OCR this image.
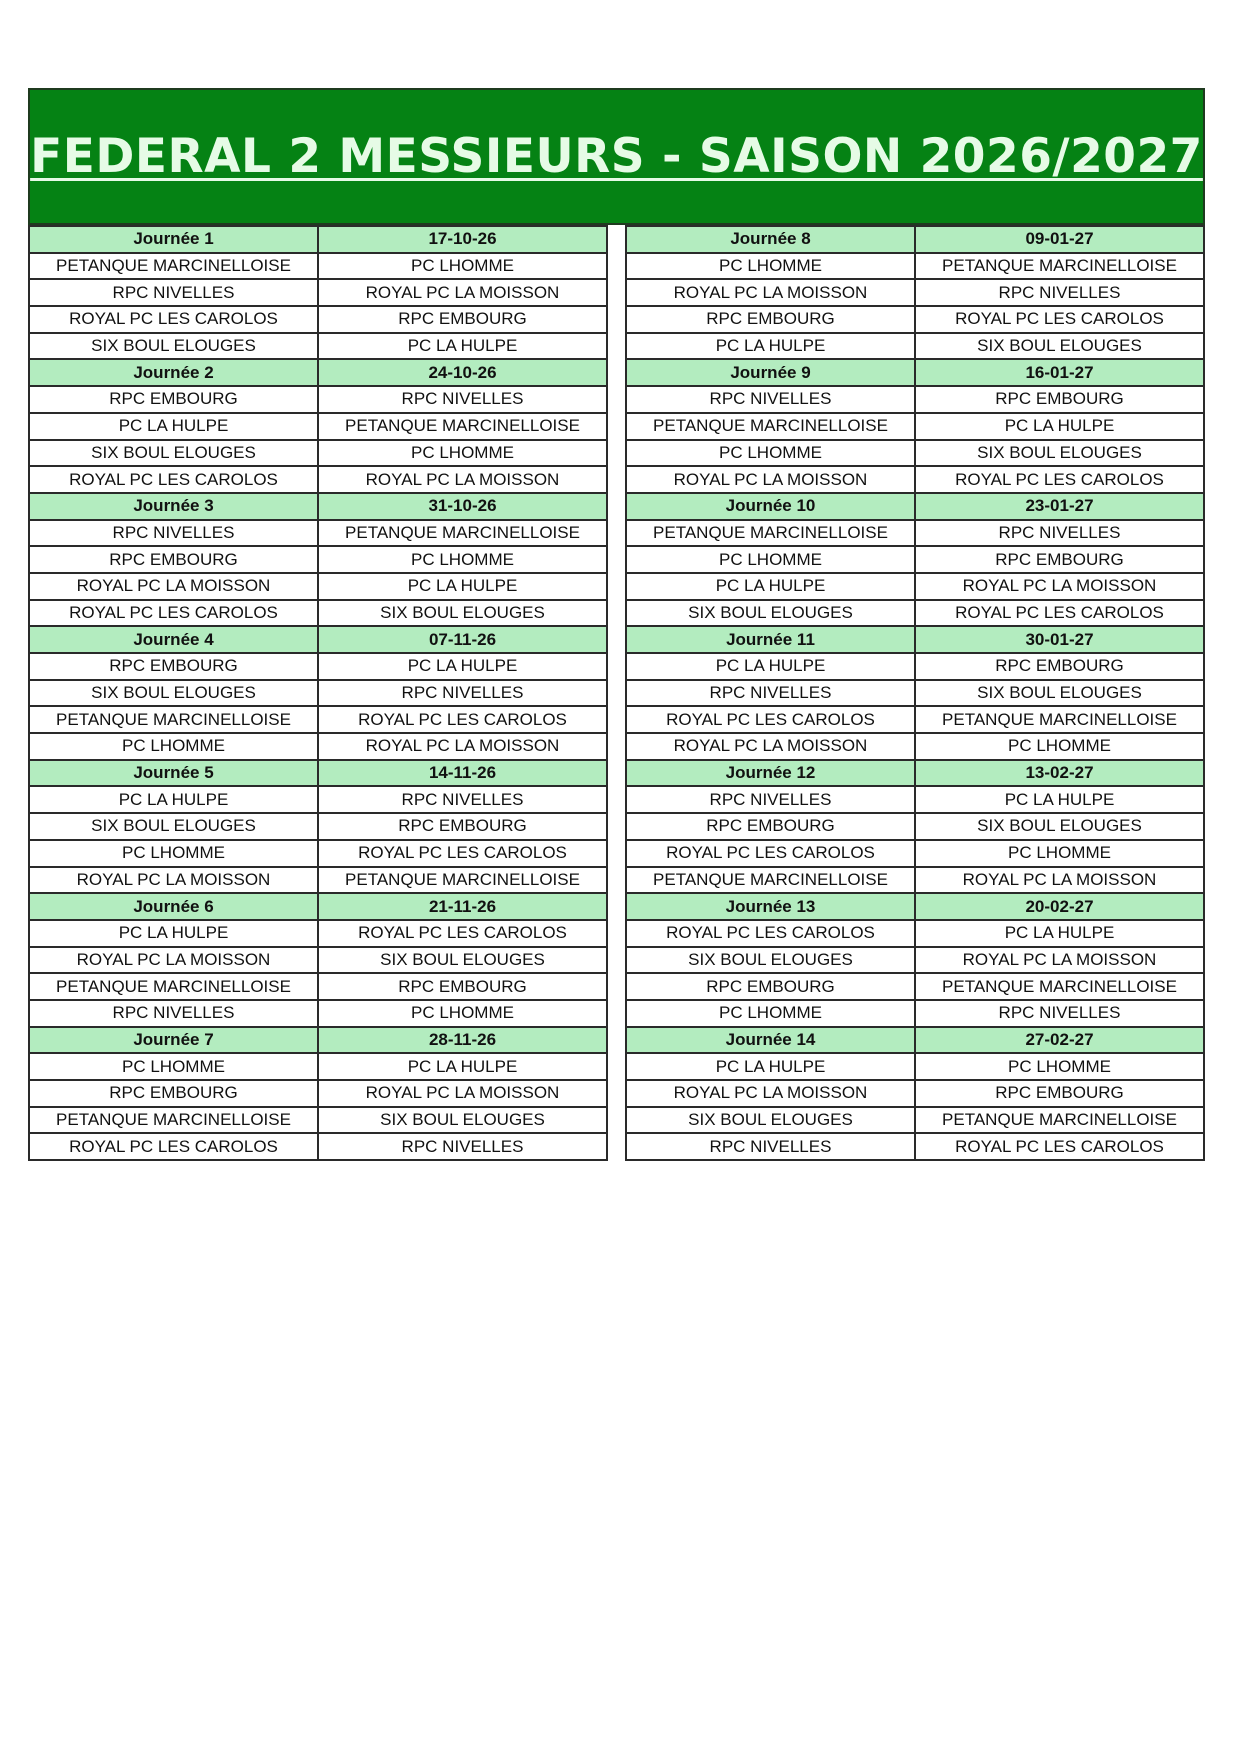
FEDERAL 2 MESSIEURS - SAISON 2026/2027
Journée 1	17-10-26
PETANQUE MARCINELLOISE	PC LHOMME
RPC NIVELLES	ROYAL PC LA MOISSON
ROYAL PC LES CAROLOS	RPC EMBOURG
SIX BOUL ELOUGES	PC LA HULPE
Journée 2	24-10-26
RPC EMBOURG	RPC NIVELLES
PC LA HULPE	PETANQUE MARCINELLOISE
SIX BOUL ELOUGES	PC LHOMME
ROYAL PC LES CAROLOS	ROYAL PC LA MOISSON
Journée 3	31-10-26
RPC NIVELLES	PETANQUE MARCINELLOISE
RPC EMBOURG	PC LHOMME
ROYAL PC LA MOISSON	PC LA HULPE
ROYAL PC LES CAROLOS	SIX BOUL ELOUGES
Journée 4	07-11-26
RPC EMBOURG	PC LA HULPE
SIX BOUL ELOUGES	RPC NIVELLES
PETANQUE MARCINELLOISE	ROYAL PC LES CAROLOS
PC LHOMME	ROYAL PC LA MOISSON
Journée 5	14-11-26
PC LA HULPE	RPC NIVELLES
SIX BOUL ELOUGES	RPC EMBOURG
PC LHOMME	ROYAL PC LES CAROLOS
ROYAL PC LA MOISSON	PETANQUE MARCINELLOISE
Journée 6	21-11-26
PC LA HULPE	ROYAL PC LES CAROLOS
ROYAL PC LA MOISSON	SIX BOUL ELOUGES
PETANQUE MARCINELLOISE	RPC EMBOURG
RPC NIVELLES	PC LHOMME
Journée 7	28-11-26
PC LHOMME	PC LA HULPE
RPC EMBOURG	ROYAL PC LA MOISSON
PETANQUE MARCINELLOISE	SIX BOUL ELOUGES
ROYAL PC LES CAROLOS	RPC NIVELLES
Journée 8	09-01-27
PC LHOMME	PETANQUE MARCINELLOISE
ROYAL PC LA MOISSON	RPC NIVELLES
RPC EMBOURG	ROYAL PC LES CAROLOS
PC LA HULPE	SIX BOUL ELOUGES
Journée 9	16-01-27
RPC NIVELLES	RPC EMBOURG
PETANQUE MARCINELLOISE	PC LA HULPE
PC LHOMME	SIX BOUL ELOUGES
ROYAL PC LA MOISSON	ROYAL PC LES CAROLOS
Journée 10	23-01-27
PETANQUE MARCINELLOISE	RPC NIVELLES
PC LHOMME	RPC EMBOURG
PC LA HULPE	ROYAL PC LA MOISSON
SIX BOUL ELOUGES	ROYAL PC LES CAROLOS
Journée 11	30-01-27
PC LA HULPE	RPC EMBOURG
RPC NIVELLES	SIX BOUL ELOUGES
ROYAL PC LES CAROLOS	PETANQUE MARCINELLOISE
ROYAL PC LA MOISSON	PC LHOMME
Journée 12	13-02-27
RPC NIVELLES	PC LA HULPE
RPC EMBOURG	SIX BOUL ELOUGES
ROYAL PC LES CAROLOS	PC LHOMME
PETANQUE MARCINELLOISE	ROYAL PC LA MOISSON
Journée 13	20-02-27
ROYAL PC LES CAROLOS	PC LA HULPE
SIX BOUL ELOUGES	ROYAL PC LA MOISSON
RPC EMBOURG	PETANQUE MARCINELLOISE
PC LHOMME	RPC NIVELLES
Journée 14	27-02-27
PC LA HULPE	PC LHOMME
ROYAL PC LA MOISSON	RPC EMBOURG
SIX BOUL ELOUGES	PETANQUE MARCINELLOISE
RPC NIVELLES	ROYAL PC LES CAROLOS
